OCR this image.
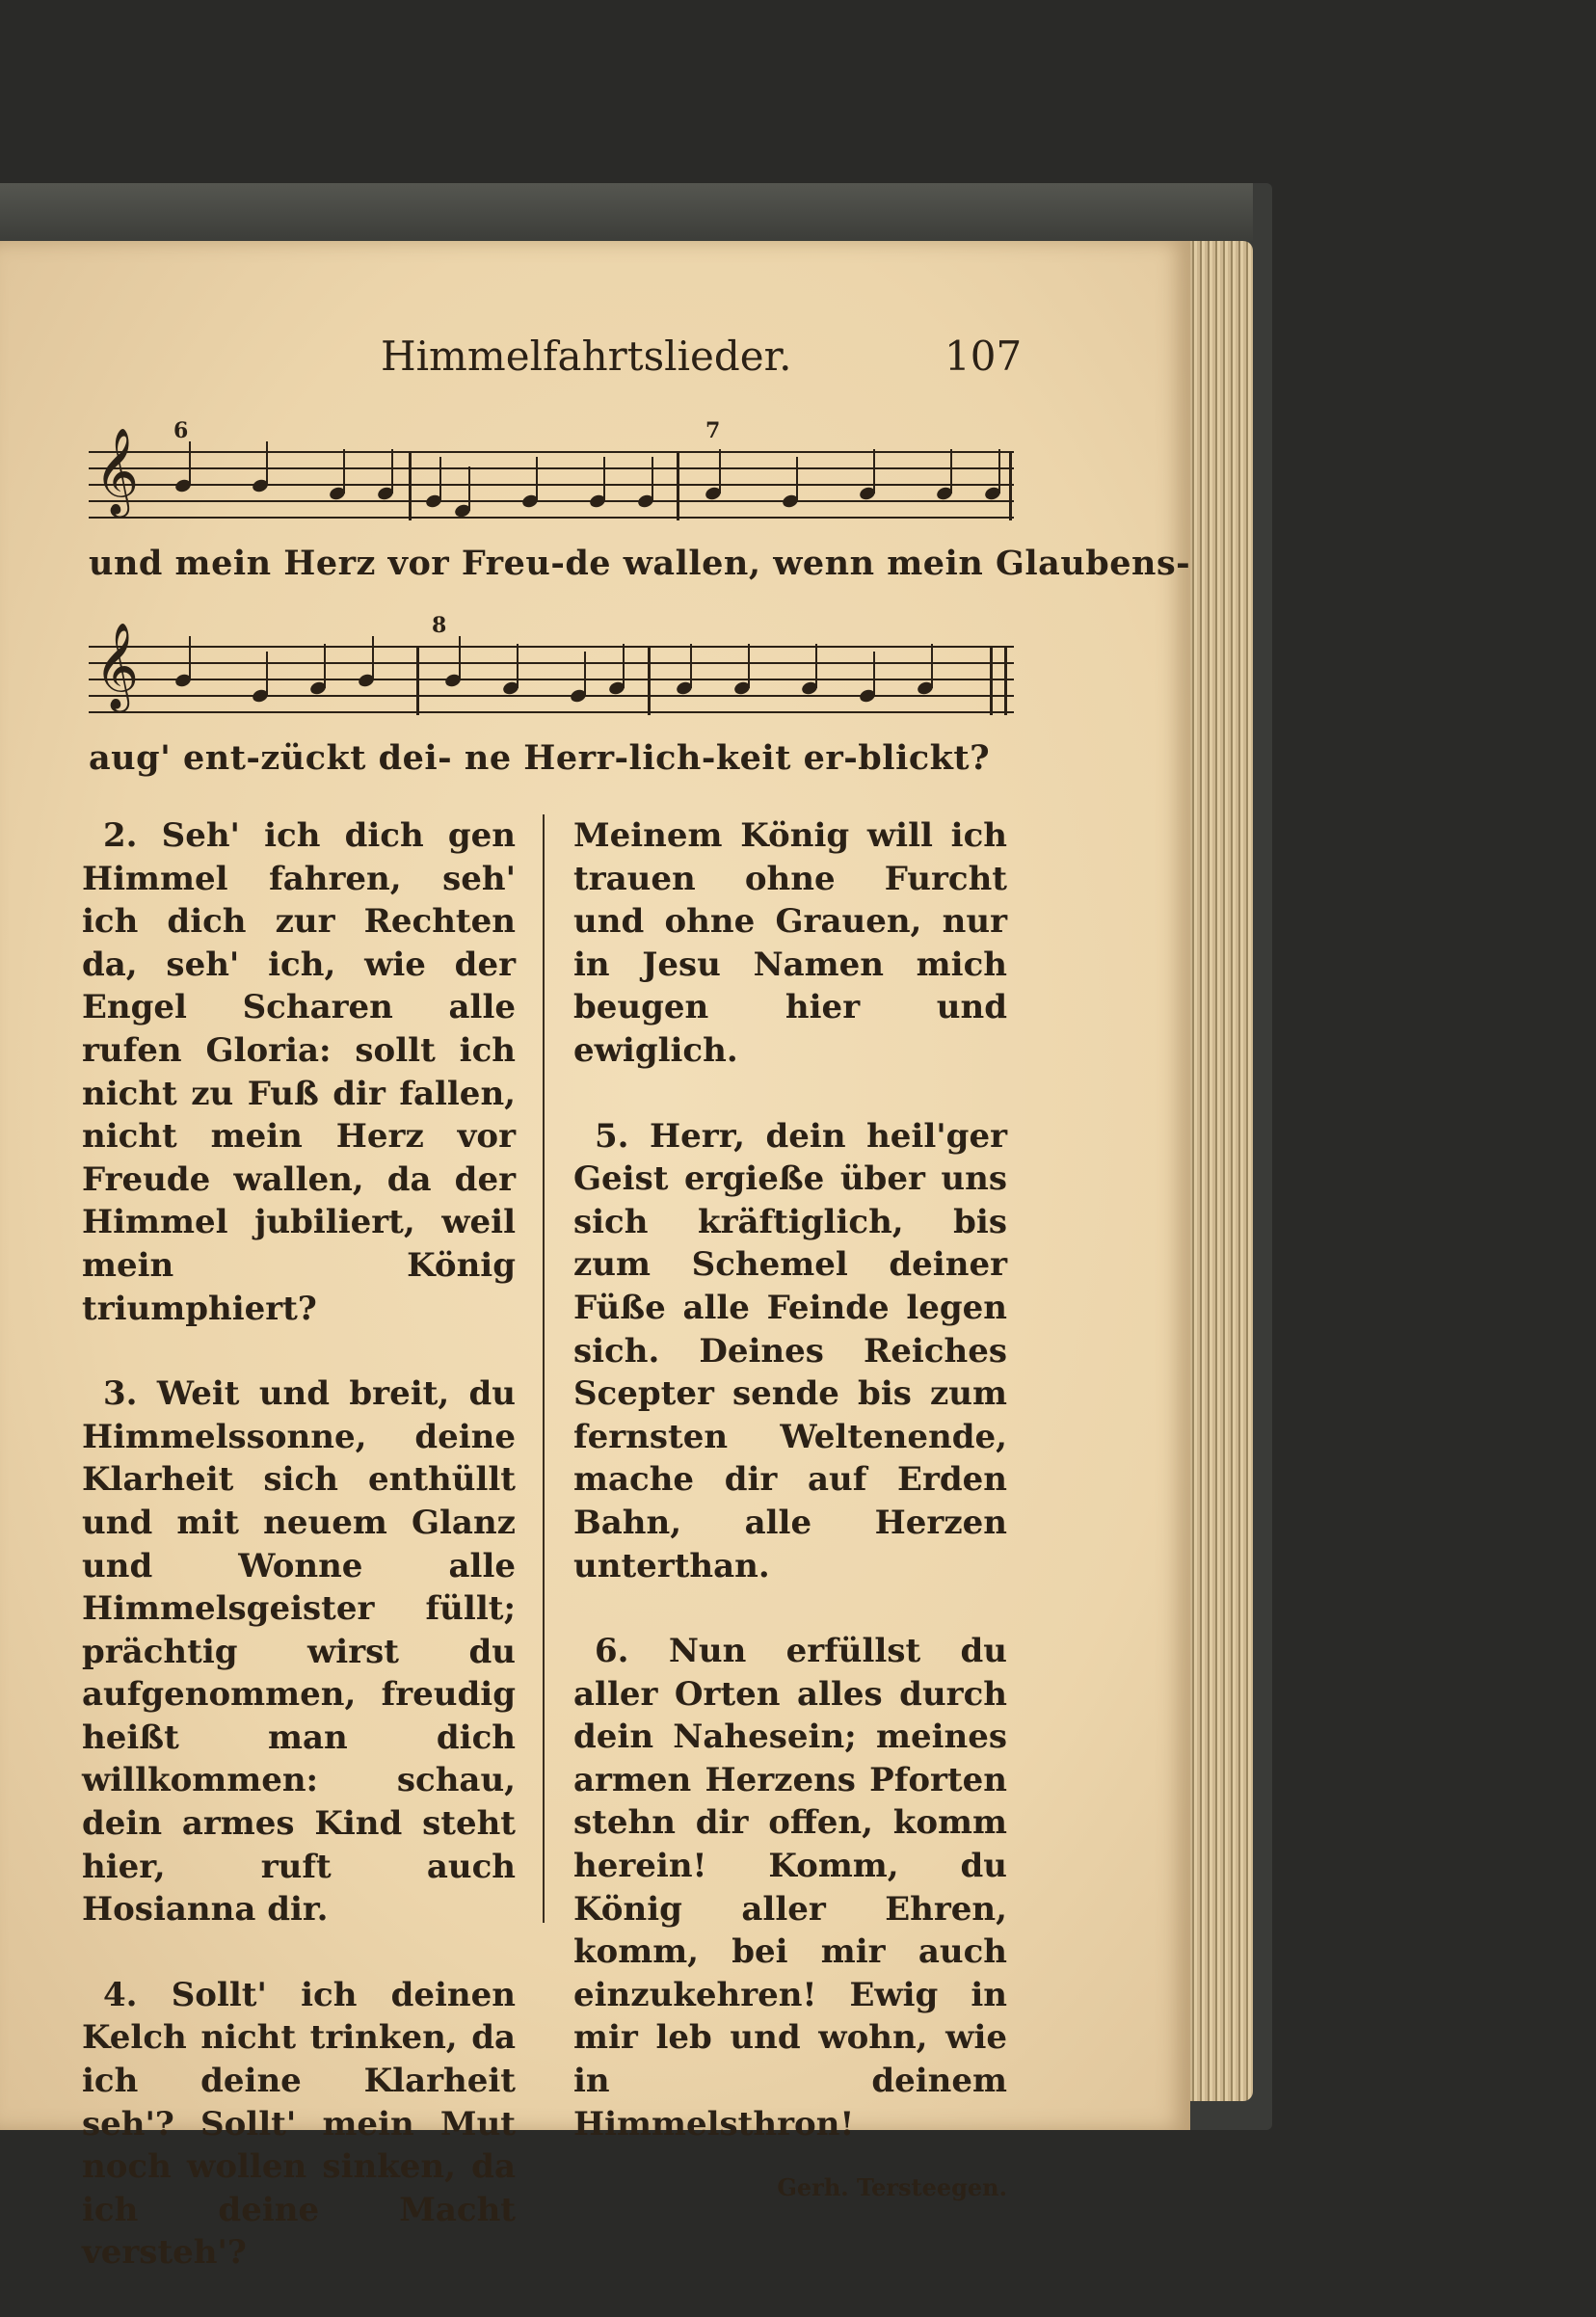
Himmelfahrtslieder.	107
𝄞 6	7
und mein Herz vor Freu-de wallen, wenn mein Glaubens-
𝄞	8
aug' ent-zückt dei- ne Herr-lich-keit er-blickt?
2. Seh' ich dich gen Himmel fahren, seh' ich dich zur Rechten da, seh' ich, wie der Engel Scharen alle rufen Gloria: sollt ich nicht zu Fuß dir fallen, nicht mein Herz vor Freude wallen, da der Himmel jubiliert, weil mein König triumphiert?
3. Weit und breit, du Himmelssonne, deine Klarheit sich enthüllt und mit neuem Glanz und Wonne alle Himmelsgeister füllt; prächtig wirst du aufgenommen, freudig heißt man dich willkommen: schau, dein armes Kind steht hier, ruft auch Hosianna dir.
4. Sollt' ich deinen Kelch nicht trinken, da ich deine Klarheit seh'? Sollt' mein Mut noch wollen sinken, da ich deine Macht versteh'?
Meinem König will ich trauen ohne Furcht und ohne Grauen, nur in Jesu Namen mich beugen hier und ewiglich.
5. Herr, dein heil'ger Geist ergieße über uns sich kräftiglich, bis zum Schemel deiner Füße alle Feinde legen sich. Deines Reiches Scepter sende bis zum fernsten Weltenende, mache dir auf Erden Bahn, alle Herzen unterthan.
6. Nun erfüllst du aller Orten alles durch dein Nahesein; meines armen Herzens Pforten stehn dir offen, komm herein! Komm, du König aller Ehren, komm, bei mir auch einzukehren! Ewig in mir leb und wohn, wie in deinem Himmelsthron!
Gerh. Tersteegen.
